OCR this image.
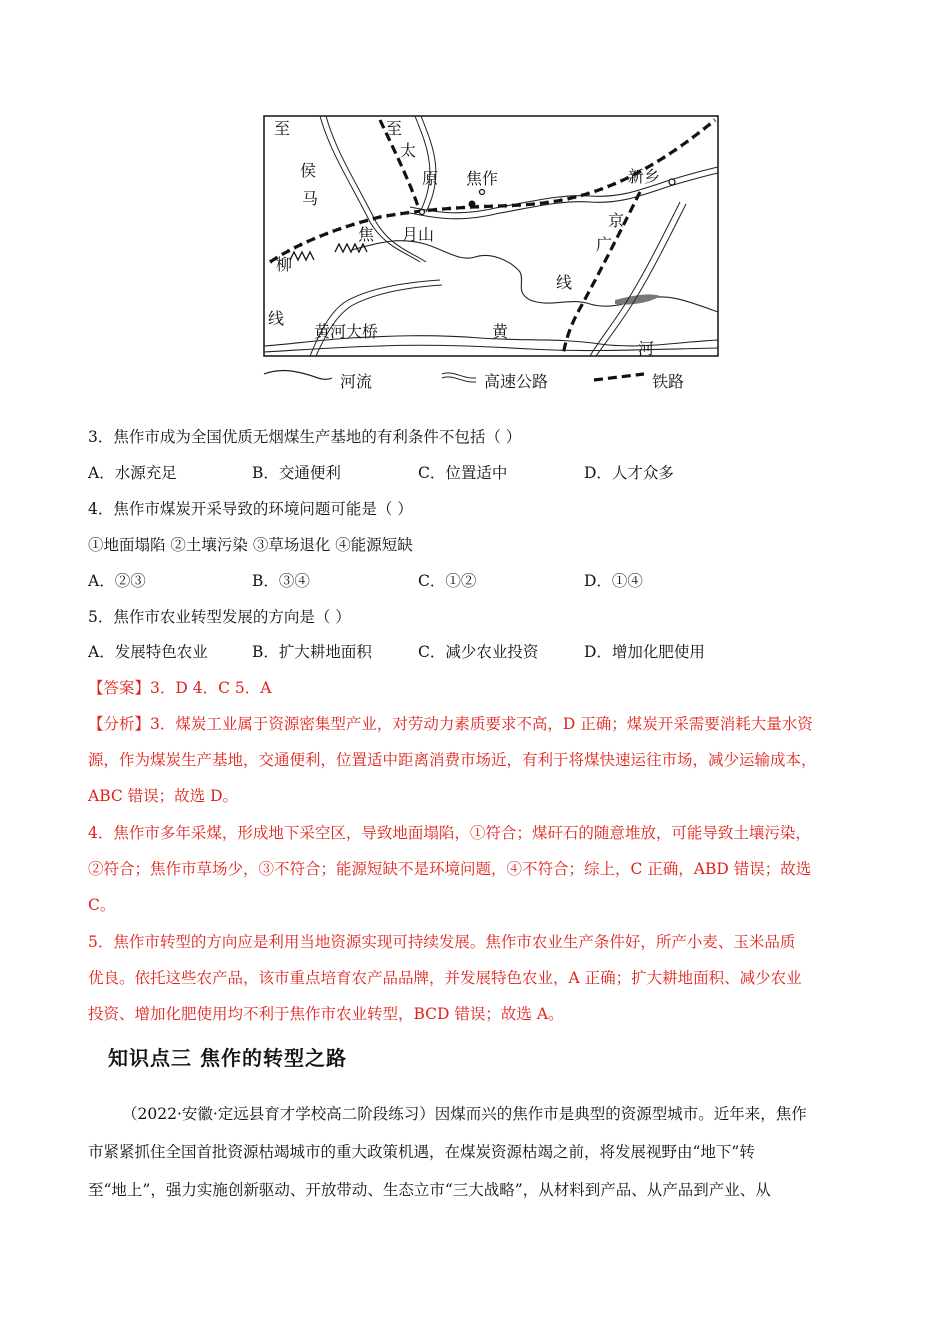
至
侯
马
至
太
原 焦作	新乡
焦 月山
京
广
线
柳
线
黄河大桥	黄
河
河流	高速公路	铁路
3．焦作市成为全国优质无烟煤生产基地的有利条件不包括（ ）
A．水源充足	B．交通便利	C．位置适中	D．人才众多
4．焦作市煤炭开采导致的环境问题可能是（ ）
①地面塌陷 ②土壤污染 ③草场退化 ④能源短缺
A．②③	B．③④	C．①②	D．①④
5．焦作市农业转型发展的方向是（ ）
A．发展特色农业	B．扩大耕地面积	C．减少农业投资	D．增加化肥使用
【答案】3．D 4．C 5．A
【分析】3．煤炭工业属于资源密集型产业，对劳动力素质要求不高，D 正确；煤炭开采需要消耗大量水资
源，作为煤炭生产基地，交通便利，位置适中距离消费市场近，有利于将煤快速运往市场，减少运输成本，
ABC 错误；故选 D。
4．焦作市多年采煤，形成地下采空区，导致地面塌陷，①符合；煤矸石的随意堆放，可能导致土壤污染，
②符合；焦作市草场少，③不符合；能源短缺不是环境问题，④不符合；综上，C 正确，ABD 错误；故选
C。
5．焦作市转型的方向应是利用当地资源实现可持续发展。焦作市农业生产条件好，所产小麦、玉米品质
优良。依托这些农产品，该市重点培育农产品品牌，并发展特色农业，A 正确；扩大耕地面积、减少农业
投资、增加化肥使用均不利于焦作市农业转型，BCD 错误；故选 A。
知识点三 焦作的转型之路
（2022·安徽·定远县育才学校高二阶段练习）因煤而兴的焦作市是典型的资源型城市。近年来，焦作
市紧紧抓住全国首批资源枯竭城市的重大政策机遇，在煤炭资源枯竭之前，将发展视野由“地下”转
至“地上”，强力实施创新驱动、开放带动、生态立市“三大战略”，从材料到产品、从产品到产业、从
